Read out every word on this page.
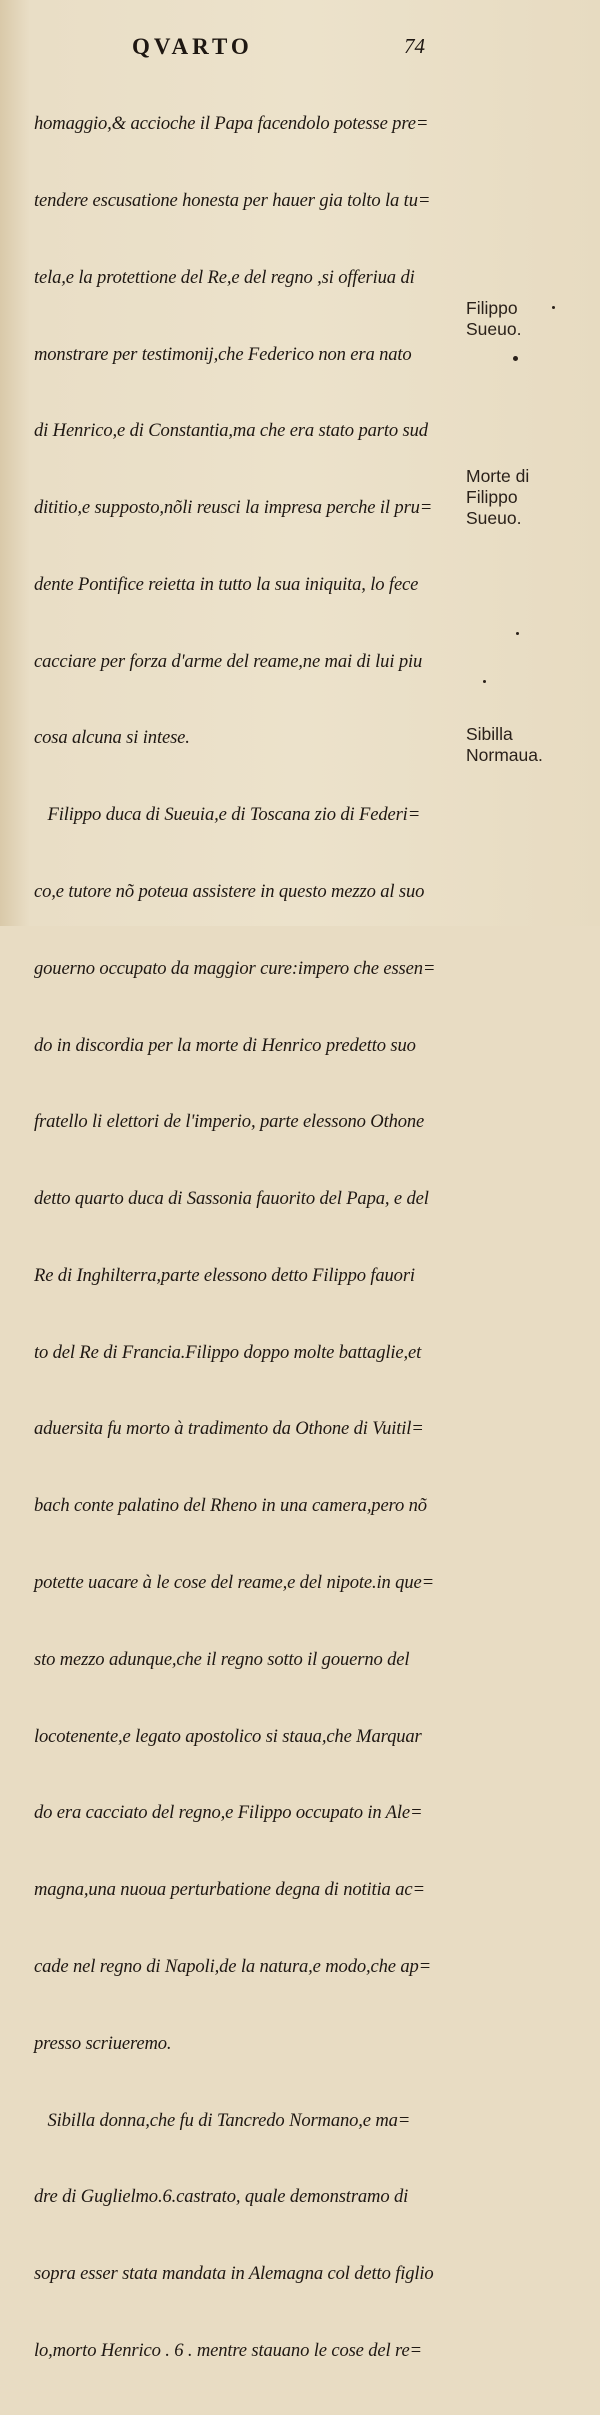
QVARTO	74

homaggio,& accioche il Papa facendolo potesse pre=

tendere escusatione honesta per hauer gia tolto la tu=

tela,e la protettione del Re,e del regno ,si offeriua di

monstrare per testimonij,che Federico non era nato

di Henrico,e di Constantia,ma che era stato parto sud

dititio,e supposto,nõli reusci la impresa perche il pru=

dente Pontifice reietta in tutto la sua iniquita, lo fece

cacciare per forza d'arme del reame,ne mai di lui piu

cosa alcuna si intese.

Filippo duca di Sueuia,e di Toscana zio di Federi=

co,e tutore nõ poteua assistere in questo mezzo al suo

gouerno occupato da maggior cure:impero che essen=

do in discordia per la morte di Henrico predetto suo

fratello li elettori de l'imperio, parte elessono Othone

detto quarto duca di Sassonia fauorito del Papa, e del

Re di Inghilterra,parte elessono detto Filippo fauori

to del Re di Francia.Filippo doppo molte battaglie,et

aduersita fu morto à tradimento da Othone di Vuitil=

bach conte palatino del Rheno in una camera,pero nõ

potette uacare à le cose del reame,e del nipote.in que=

sto mezzo adunque,che il regno sotto il gouerno del

locotenente,e legato apostolico si staua,che Marquar

do era cacciato del regno,e Filippo occupato in Ale=

magna,una nuoua perturbatione degna di notitia ac=

cade nel regno di Napoli,de la natura,e modo,che ap=

presso scriueremo.

Sibilla donna,che fu di Tancredo Normano,e ma=

dre di Guglielmo.6.castrato, quale demonstramo di

sopra esser stata mandata in Alemagna col detto figlio

lo,morto Henrico . 6 . mentre stauano le cose del re=

Filippo
Sueuo.
Morte di
Filippo
Sueuo.
Sibilla
Normaua.
